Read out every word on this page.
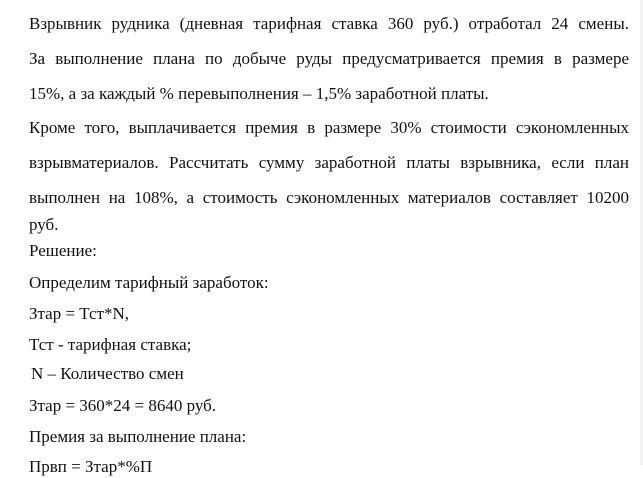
Взрывник рудника (дневная тарифная ставка 360 руб.) отработал 24 смены.
За выполнение плана по добыче руды предусматривается премия в размере
15%, а за каждый % перевыполнения – 1,5% заработной платы.
Кроме того, выплачивается премия в размере 30% стоимости сэкономленных
взрывматериалов. Рассчитать сумму заработной платы взрывника, если план
выполнен на 108%, а стоимость сэкономленных материалов составляет 10200
руб.
Решение:
Определим тарифный заработок:
Зтар = Тст*N,
Тст - тарифная ставка;
N – Количество смен
Зтар = 360*24 = 8640 руб.
Премия за выполнение плана:
Првп = Зтар*%П
